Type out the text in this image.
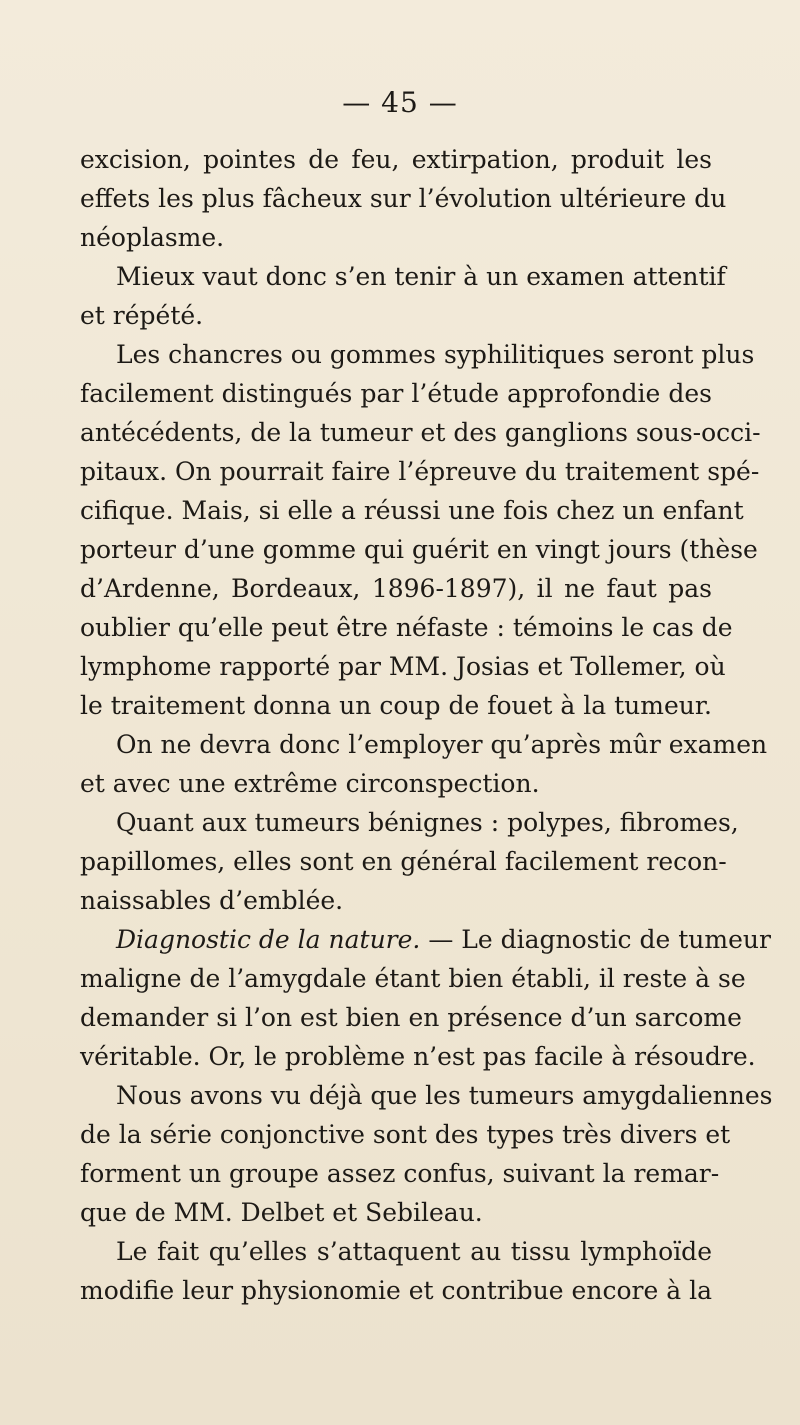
— 45 —
excision, pointes de feu, extirpation, produit les
effets les plus fâcheux sur l’évolution ultérieure du
néoplasme.
Mieux vaut donc s’en tenir à un examen attentif
et répété.
Les chancres ou gommes syphilitiques seront plus
facilement distingués par l’étude approfondie des
antécédents, de la tumeur et des ganglions sous-occi-
pitaux. On pourrait faire l’épreuve du traitement spé-
cifique. Mais, si elle a réussi une fois chez un enfant
porteur d’une gomme qui guérit en vingt jours (thèse
d’Ardenne, Bordeaux, 1896-1897), il ne faut pas
oublier qu’elle peut être néfaste : témoins le cas de
lymphome rapporté par MM. Josias et Tollemer, où
le traitement donna un coup de fouet à la tumeur.
On ne devra donc l’employer qu’après mûr examen
et avec une extrême circonspection.
Quant aux tumeurs bénignes : polypes, fibromes,
papillomes, elles sont en général facilement recon-
naissables d’emblée.
Diagnostic de la nature. — Le diagnostic de tumeur
maligne de l’amygdale étant bien établi, il reste à se
demander si l’on est bien en présence d’un sarcome
véritable. Or, le problème n’est pas facile à résoudre.
Nous avons vu déjà que les tumeurs amygdaliennes
de la série conjonctive sont des types très divers et
forment un groupe assez confus, suivant la remar-
que de MM. Delbet et Sebileau.
Le fait qu’elles s’attaquent au tissu lymphoïde
modifie leur physionomie et contribue encore à la
